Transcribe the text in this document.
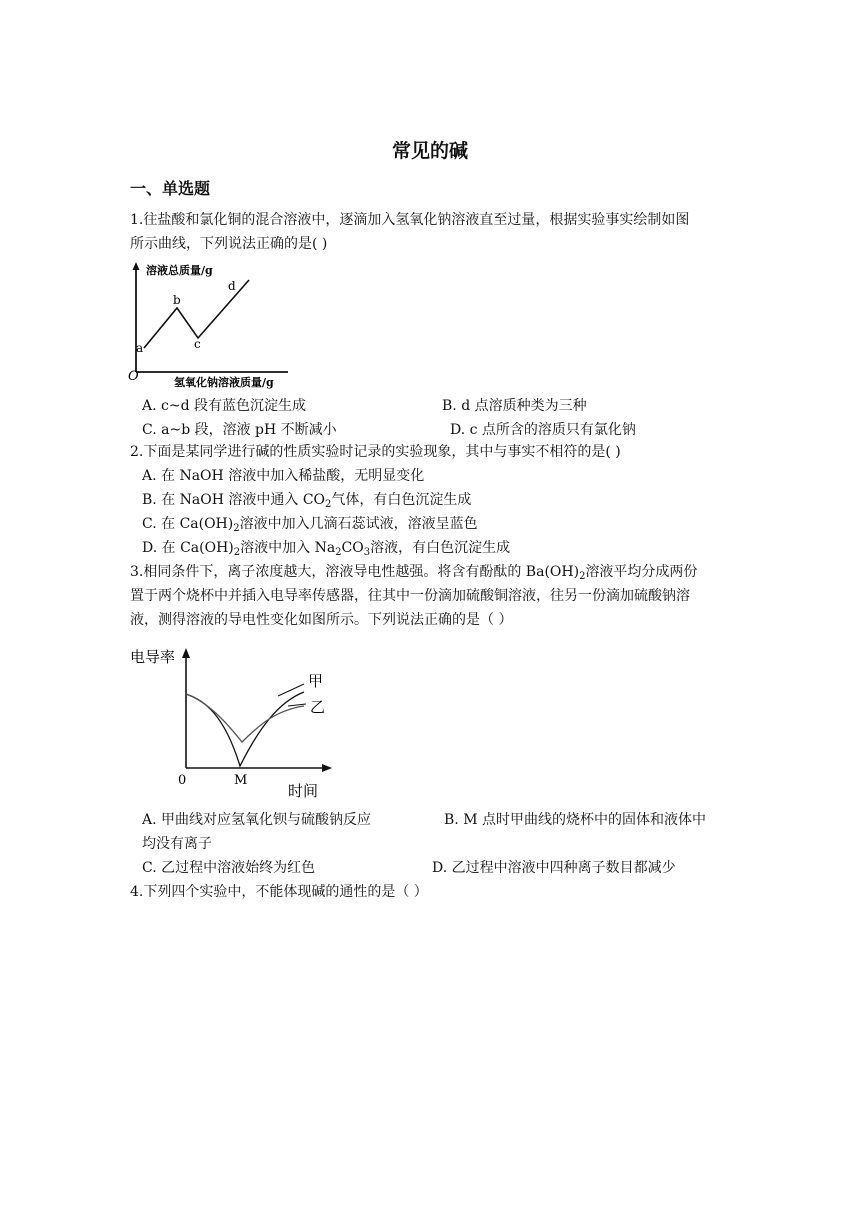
常见的碱
一、单选题
1.往盐酸和氯化铜的混合溶液中，逐滴加入氢氧化钠溶液直至过量，根据实验事实绘制如图
所示曲线，下列说法正确的是( )
溶液总质量/g
氢氧化钠溶液质量/g
O
a
b
c
d
A. c~d 段有蓝色沉淀生成	B. d 点溶质种类为三种
C. a~b 段，溶液 pH 不断减小	D. c 点所含的溶质只有氯化钠
2.下面是某同学进行碱的性质实验时记录的实验现象，其中与事实不相符的是( )
A. 在 NaOH 溶液中加入稀盐酸，无明显变化
B. 在 NaOH 溶液中通入 $CO_2$气体，有白色沉淀生成
C. 在 $Ca(OH)_2$溶液中加入几滴石蕊试液，溶液呈蓝色
D. 在 $Ca(OH)_2$溶液中加入 $Na_2CO_3$溶液，有白色沉淀生成
3.相同条件下，离子浓度越大，溶液导电性越强。将含有酚酞的 $Ba(OH)_2$溶液平均分成两份
置于两个烧杯中并插入电导率传感器，往其中一份滴加硫酸铜溶液，往另一份滴加硫酸钠溶
液，测得溶液的导电性变化如图所示。下列说法正确的是（ ）
电导率
时间
0	M
甲
乙
A. 甲曲线对应氢氧化钡与硫酸钠反应	B. M 点时甲曲线的烧杯中的固体和液体中
均没有离子
C. 乙过程中溶液始终为红色	D. 乙过程中溶液中四种离子数目都减少
4.下列四个实验中，不能体现碱的通性的是（ ）
